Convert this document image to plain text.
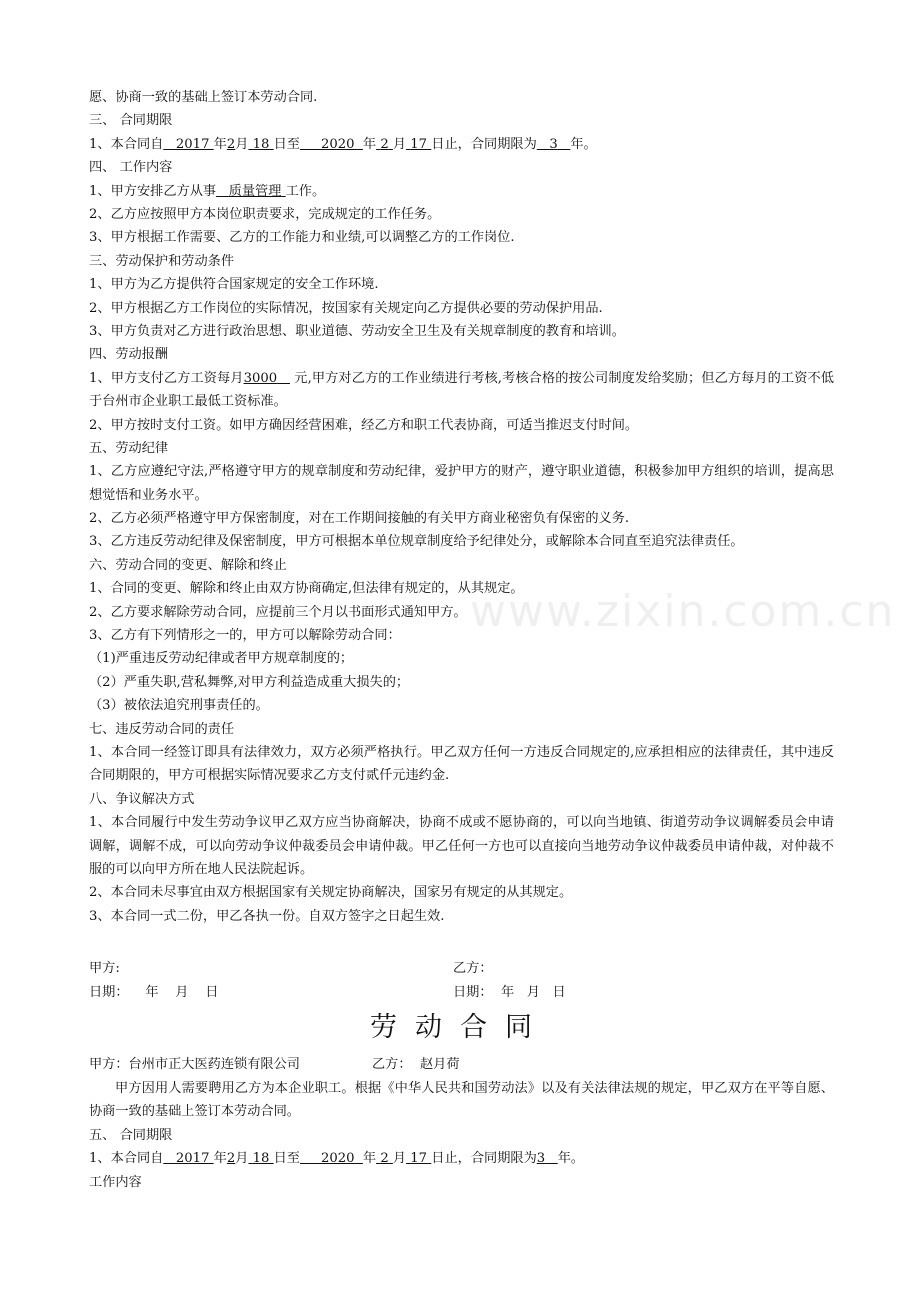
www.zixin.com.cn
愿、协商一致的基础上签订本劳动合同.
三、 合同期限
1、本合同自 2017 年2月 18 日至 2020 年 2 月 17 日止，合同期限为 3 年。
四、 工作内容
1、甲方安排乙方从事 质量管理 工作。
2、乙方应按照甲方本岗位职责要求，完成规定的工作任务。
3、甲方根据工作需要、乙方的工作能力和业绩,可以调整乙方的工作岗位.
三、劳动保护和劳动条件
1、甲方为乙方提供符合国家规定的安全工作环境.
2、甲方根据乙方工作岗位的实际情况，按国家有关规定向乙方提供必要的劳动保护用品.
3、甲方负责对乙方进行政治思想、职业道德、劳动安全卫生及有关规章制度的教育和培训。
四、劳动报酬
1、甲方支付乙方工资每月3000    元,甲方对乙方的工作业绩进行考核,考核合格的按公司制度发给奖励；但乙方每月的工资不低于台州市企业职工最低工资标准。
2、甲方按时支付工资。如甲方确因经营困难，经乙方和职工代表协商，可适当推迟支付时间。
五、劳动纪律
1、乙方应遵纪守法,严格遵守甲方的规章制度和劳动纪律，爱护甲方的财产，遵守职业道德，积极参加甲方组织的培训，提高思想觉悟和业务水平。
2、乙方必须严格遵守甲方保密制度，对在工作期间接触的有关甲方商业秘密负有保密的义务.
3、乙方违反劳动纪律及保密制度，甲方可根据本单位规章制度给予纪律处分，或解除本合同直至追究法律责任。
六、劳动合同的变更、解除和终止
1、合同的变更、解除和终止由双方协商确定,但法律有规定的，从其规定。
2、乙方要求解除劳动合同，应提前三个月以书面形式通知甲方。
3、乙方有下列情形之一的，甲方可以解除劳动合同：
（1)严重违反劳动纪律或者甲方规章制度的；
（2）严重失职,营私舞弊,对甲方利益造成重大损失的；
（3）被依法追究刑事责任的。
七、违反劳动合同的责任
1、本合同一经签订即具有法律效力，双方必须严格执行。甲乙双方任何一方违反合同规定的,应承担相应的法律责任，其中违反合同期限的，甲方可根据实际情况要求乙方支付贰仟元违约金.
八、争议解决方式
1、本合同履行中发生劳动争议甲乙双方应当协商解决，协商不成或不愿协商的，可以向当地镇、街道劳动争议调解委员会申请调解，调解不成，可以向劳动争议仲裁委员会申请仲裁。甲乙任何一方也可以直接向当地劳动争议仲裁委员申请仲裁，对仲裁不服的可以向甲方所在地人民法院起诉。
2、本合同未尽事宜由双方根据国家有关规定协商解决，国家另有规定的从其规定。
3、本合同一式二份，甲乙各执一份。自双方签字之日起生效.
甲方:	乙方：
日期：    年    月    日	日期：  年   月   日
劳动合同
甲方：台州市正大医药连锁有限公司	乙方：  赵月荷
甲方因用人需要聘用乙方为本企业职工。根据《中华人民共和国劳动法》以及有关法律法规的规定，甲乙双方在平等自愿、协商一致的基础上签订本劳动合同。
五、 合同期限
1、本合同自 2017 年2月 18 日至 2020 年 2 月 17 日止，合同期限为3 年。
工作内容
